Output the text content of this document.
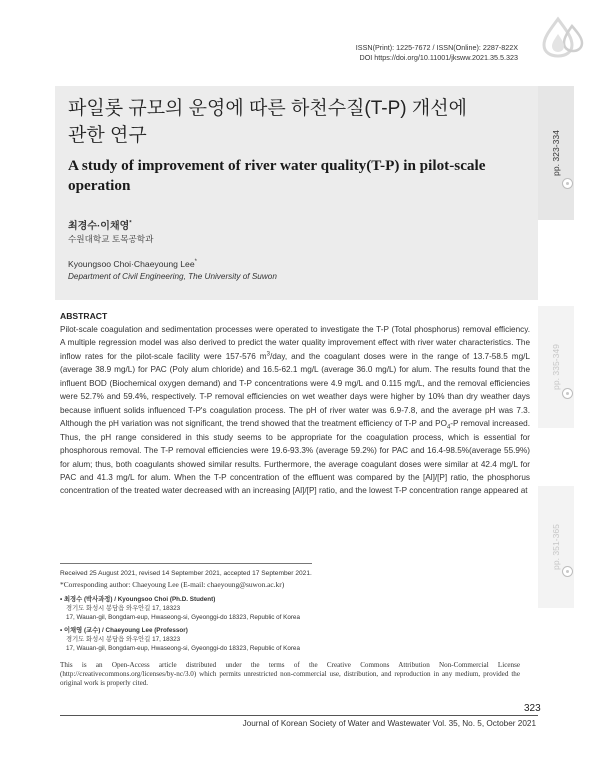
ISSN(Print): 1225-7672 / ISSN(Online): 2287-822X
DOI https://doi.org/10.11001/jksww.2021.35.5.323
pp. 323-334
pp. 335-349
pp. 351-365
파일롯 규모의 운영에 따른 하천수질(T-P) 개선에
관한 연구
A study of improvement of river water quality(T-P) in pilot-scale operation
최경수·이채영*
수원대학교 토목공학과
Kyoungsoo Choi·Chaeyoung Lee*
Department of Civil Engineering, The University of Suwon
ABSTRACT
Pilot-scale coagulation and sedimentation processes were operated to investigate the T-P (Total phosphorus) removal efficiency. A multiple regression model was also derived to predict the water quality improvement effect with river water characteristics. The inflow rates for the pilot-scale facility were 157-576 $m^3$/day, and the coagulant doses were in the range of 13.7-58.5 mg/L (average 38.9 mg/L) for PAC (Poly alum chloride) and 16.5-62.1 mg/L (average 36.0 mg/L) for alum. The results found that the influent BOD (Biochemical oxygen demand) and T-P concentrations were 4.9 mg/L and 0.115 mg/L, and the removal efficiencies were 52.7% and 59.4%, respectively. T-P removal efficiencies on wet weather days were higher by 10% than dry weather days because influent solids influenced T-P's coagulation process. The pH of river water was 6.9-7.8, and the average pH was 7.3. Although the pH variation was not significant, the trend showed that the treatment efficiency of T-P and $PO_4-P$ removal increased. Thus, the pH range considered in this study seems to be appropriate for the coagulation process, which is essential for phosphorous removal. The T-P removal efficiencies were 19.6-93.3% (average 59.2%) for PAC and 16.4-98.5%(average 55.9%) for alum; thus, both coagulants showed similar results. Furthermore, the average coagulant doses were similar at 42.4 mg/L for PAC and 41.3 mg/L for alum. When the T-P concentration of the effluent was compared by the [Al]/[P] ratio, the phosphorus concentration of the treated water decreased with an increasing [Al]/[P] ratio, and the lowest T-P concentration range appeared at
Received 25 August 2021, revised 14 September 2021, accepted 17 September 2021.
*Corresponding author: Chaeyoung Lee (E-mail: chaeyoung@suwon.ac.kr)
• 최경수 (박사과정) / Kyoungsoo Choi (Ph.D. Student)
경기도 화성시 봉담읍 와우안길 17, 18323
17, Wauan-gil, Bongdam-eup, Hwaseong-si, Gyeonggi-do 18323, Republic of Korea
• 이채영 (교수) / Chaeyoung Lee (Professor)
경기도 화성시 봉담읍 와우안길 17, 18323
17, Wauan-gil, Bongdam-eup, Hwaseong-si, Gyeonggi-do 18323, Republic of Korea
This is an Open-Access article distributed under the terms of the Creative Commons Attribution Non-Commercial License (http://creativecommons.org/licenses/by-nc/3.0) which permits unrestricted non-commercial use, distribution, and reproduction in any medium, provided the original work is properly cited.
323
Journal of Korean Society of Water and Wastewater Vol. 35, No. 5, October 2021
